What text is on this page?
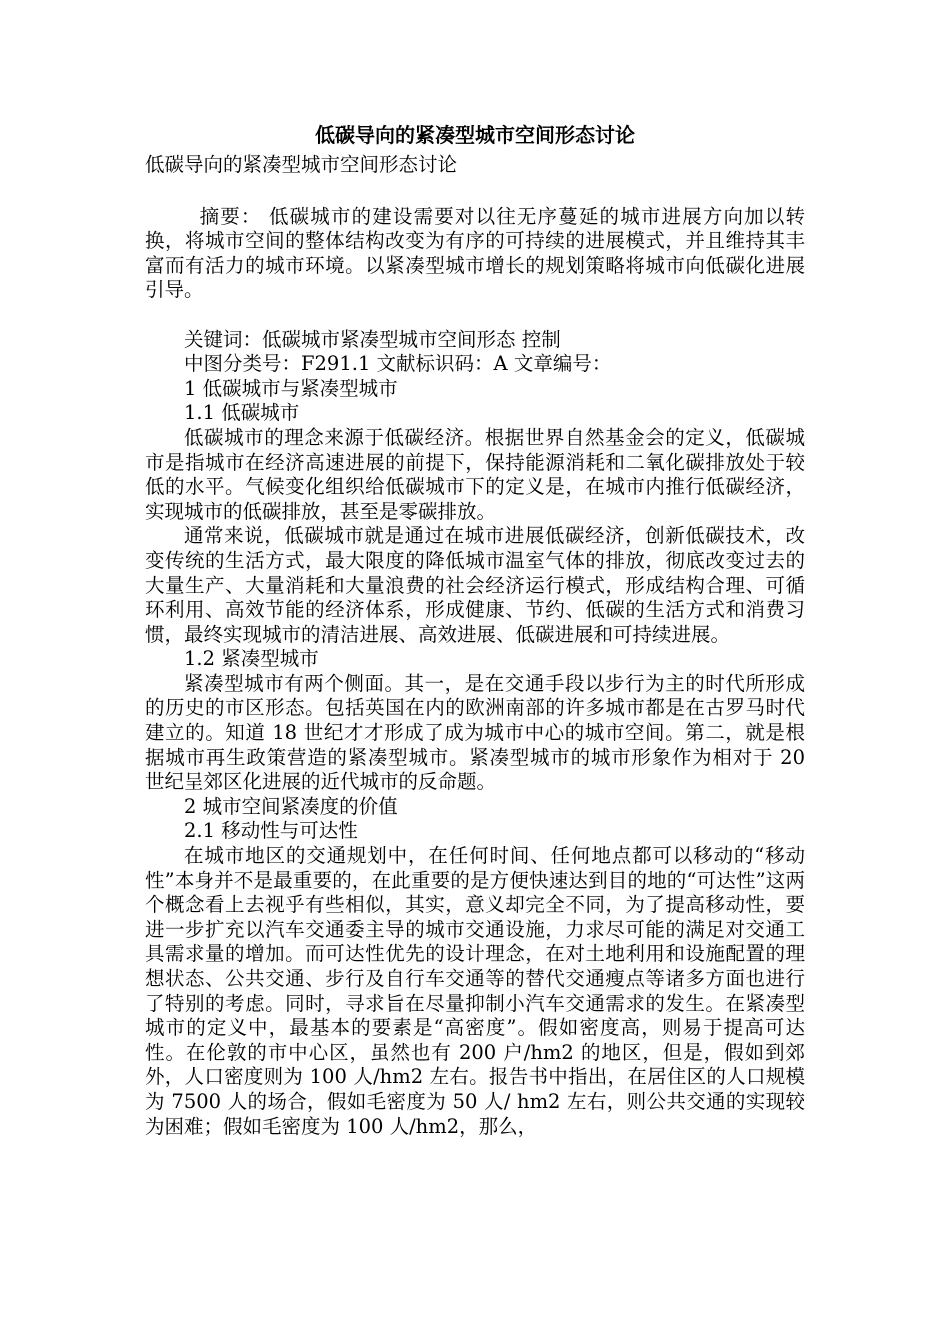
低碳导向的紧凑型城市空间形态讨论

低碳导向的紧凑型城市空间形态讨论

摘要： 低碳城市的建设需要对以往无序蔓延的城市进展方向加以转换，将城市空间的整体结构改变为有序的可持续的进展模式，并且维持其丰富而有活力的城市环境。以紧凑型城市增长的规划策略将城市向低碳化进展引导。

关键词：低碳城市紧凑型城市空间形态 控制

中图分类号：F291.1 文献标识码：A 文章编号：

1 低碳城市与紧凑型城市

1.1 低碳城市

低碳城市的理念来源于低碳经济。根据世界自然基金会的定义，低碳城市是指城市在经济高速进展的前提下，保持能源消耗和二氧化碳排放处于较低的水平。气候变化组织给低碳城市下的定义是，在城市内推行低碳经济，实现城市的低碳排放，甚至是零碳排放。

通常来说，低碳城市就是通过在城市进展低碳经济，创新低碳技术，改变传统的生活方式，最大限度的降低城市温室气体的排放，彻底改变过去的大量生产、大量消耗和大量浪费的社会经济运行模式，形成结构合理、可循环利用、高效节能的经济体系，形成健康、节约、低碳的生活方式和消费习惯，最终实现城市的清洁进展、高效进展、低碳进展和可持续进展。

1.2 紧凑型城市

紧凑型城市有两个侧面。其一，是在交通手段以步行为主的时代所形成的历史的市区形态。包括英国在内的欧洲南部的许多城市都是在古罗马时代建立的。知道 18 世纪才才形成了成为城市中心的城市空间。第二，就是根据城市再生政策营造的紧凑型城市。紧凑型城市的城市形象作为相对于 20 世纪呈郊区化进展的近代城市的反命题。

2 城市空间紧凑度的价值

2.1 移动性与可达性

在城市地区的交通规划中，在任何时间、任何地点都可以移动的“移动性”本身并不是最重要的，在此重要的是方便快速达到目的地的“可达性”这两个概念看上去视乎有些相似，其实，意义却完全不同，为了提高移动性，要进一步扩充以汽车交通委主导的城市交通设施，力求尽可能的满足对交通工具需求量的增加。而可达性优先的设计理念，在对土地利用和设施配置的理想状态、公共交通、步行及自行车交通等的替代交通瘦点等诸多方面也进行了特别的考虑。同时，寻求旨在尽量抑制小汽车交通需求的发生。在紧凑型城市的定义中，最基本的要素是“高密度”。假如密度高，则易于提高可达性。在伦敦的市中心区，虽然也有 200 户/hm2 的地区，但是，假如到郊外，人口密度则为 100 人/hm2 左右。报告书中指出，在居住区的人口规模为 7500 人的场合，假如毛密度为 50 人/ hm2 左右，则公共交通的实现较为困难；假如毛密度为 100 人/hm2，那么，
